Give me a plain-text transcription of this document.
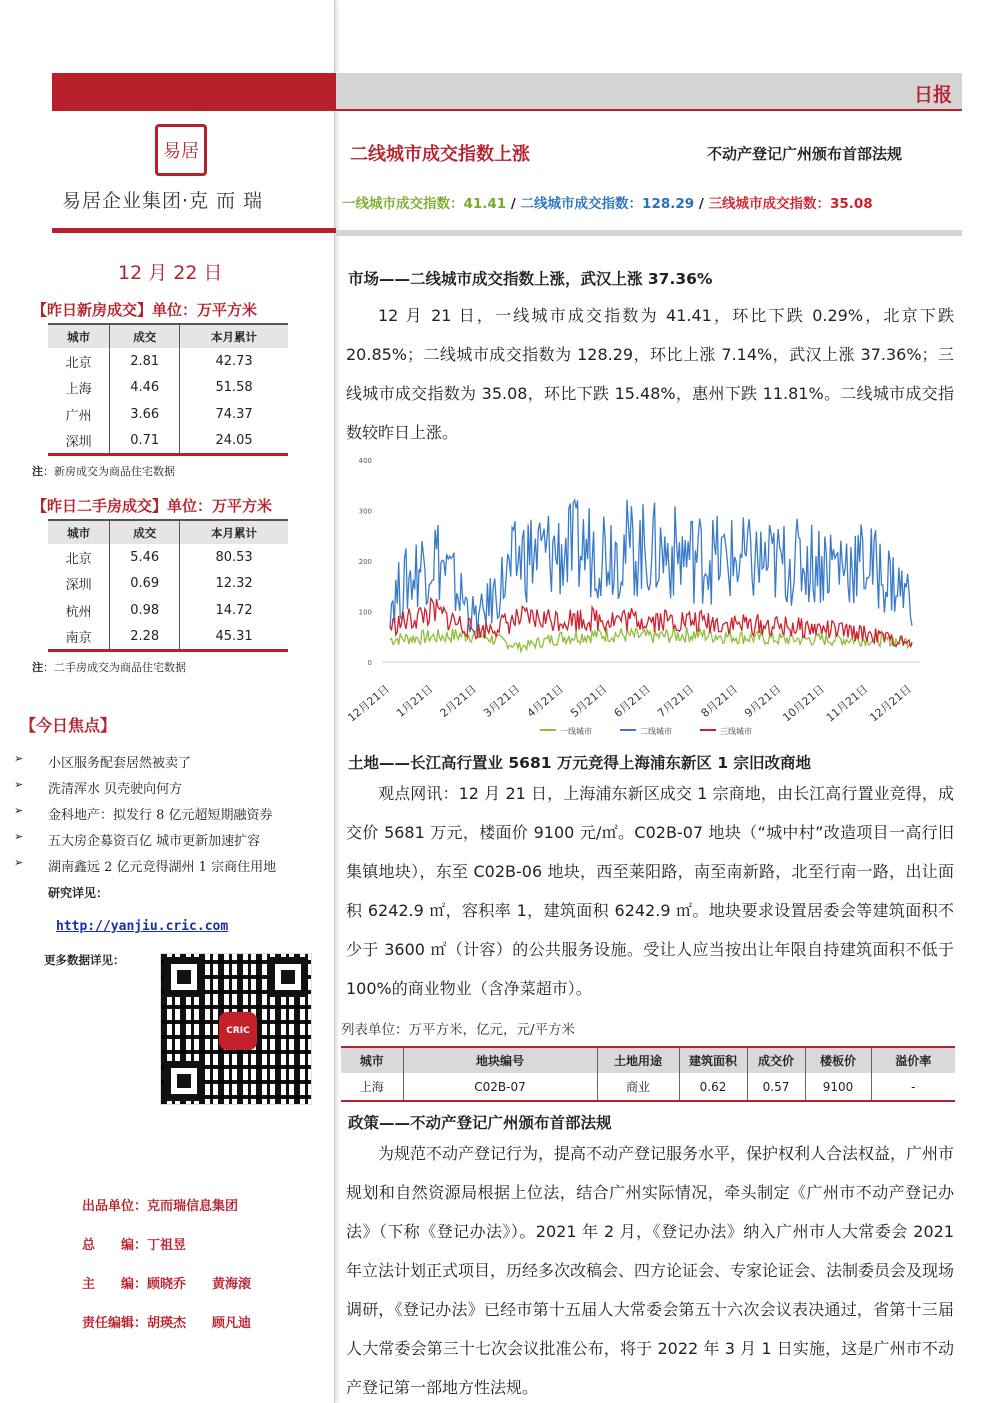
易居
易居企业集团·克 而 瑞
12 月 22 日
【昨日新房成交】单位：万平方米
城市	成交	本月累计
北京	2.81	42.73
上海	4.46	51.58
广州	3.66	74.37
深圳	0.71	24.05
注：新房成交为商品住宅数据
【昨日二手房成交】单位：万平方米
城市	成交	本月累计
北京	5.46	80.53
深圳	0.69	12.32
杭州	0.98	14.72
南京	2.28	45.31
注：二手房成交为商品住宅数据
【今日焦点】
➢	小区服务配套居然被卖了
➢	洗清浑水 贝壳驶向何方
➢	金科地产：拟发行 8 亿元超短期融资券
➢	五大房企募资百亿 城市更新加速扩容
➢	湖南鑫远 2 亿元竞得湖州 1 宗商住用地
研究详见：
http://yanjiu.cric.com
更多数据详见：
CRIC
出品单位：克而瑞信息集团
总　　编：丁祖昱
主　　编：顾晓乔　　黄海滚
责任编辑：胡瑛杰　　顾凡迪
日报
二线城市成交指数上涨	不动产登记广州颁布首部法规
一线城市成交指数：41.41 / 二线城市成交指数：128.29 / 三线城市成交指数：35.08
市场——二线城市成交指数上涨，武汉上涨 37.36%
12 月 21 日，一线城市成交指数为 41.41，环比下跌 0.29%，北京下跌 20.85%；二线城市成交指数为 128.29，环比上涨 7.14%，武汉上涨 37.36%；三线城市成交指数为 35.08，环比下跌 15.48%，惠州下跌 11.81%。二线城市成交指数较昨日上涨。
0
100
200
300
400
12月21日 1月21日 2月21日 3月21日 4月21日 5月21日 6月21日 7月21日 8月21日 9月21日
10月21日
11月21日
12月21日
一线城市	二线城市	三线城市
土地——长江高行置业 5681 万元竞得上海浦东新区 1 宗旧改商地
观点网讯：12 月 21 日，上海浦东新区成交 1 宗商地，由长江高行置业竞得，成交价 5681 万元，楼面价 9100 元/㎡。C02B-07 地块（“城中村”改造项目一高行旧集镇地块），东至 C02B-06 地块，西至莱阳路，南至南新路，北至行南一路，出让面积 6242.9 ㎡，容积率 1，建筑面积 6242.9 ㎡。地块要求设置居委会等建筑面积不少于 3600 ㎡（计容）的公共服务设施。受让人应当按出让年限自持建筑面积不低于 100%的商业物业（含净菜超市）。
列表单位：万平方米，亿元，元/平方米
城市	地块编号	土地用途	建筑面积	成交价	楼板价	溢价率
上海	C02B-07	商业	0.62	0.57	9100	-
政策——不动产登记广州颁布首部法规
为规范不动产登记行为，提高不动产登记服务水平，保护权利人合法权益，广州市规划和自然资源局根据上位法，结合广州实际情况，牵头制定《广州市不动产登记办法》（下称《登记办法》）。2021 年 2 月，《登记办法》纳入广州市人大常委会 2021 年立法计划正式项目，历经多次改稿会、四方论证会、专家论证会、法制委员会及现场调研，《登记办法》已经市第十五届人大常委会第五十六次会议表决通过，省第十三届人大常委会第三十七次会议批准公布，将于 2022 年 3 月 1 日实施，这是广州市不动产登记第一部地方性法规。
